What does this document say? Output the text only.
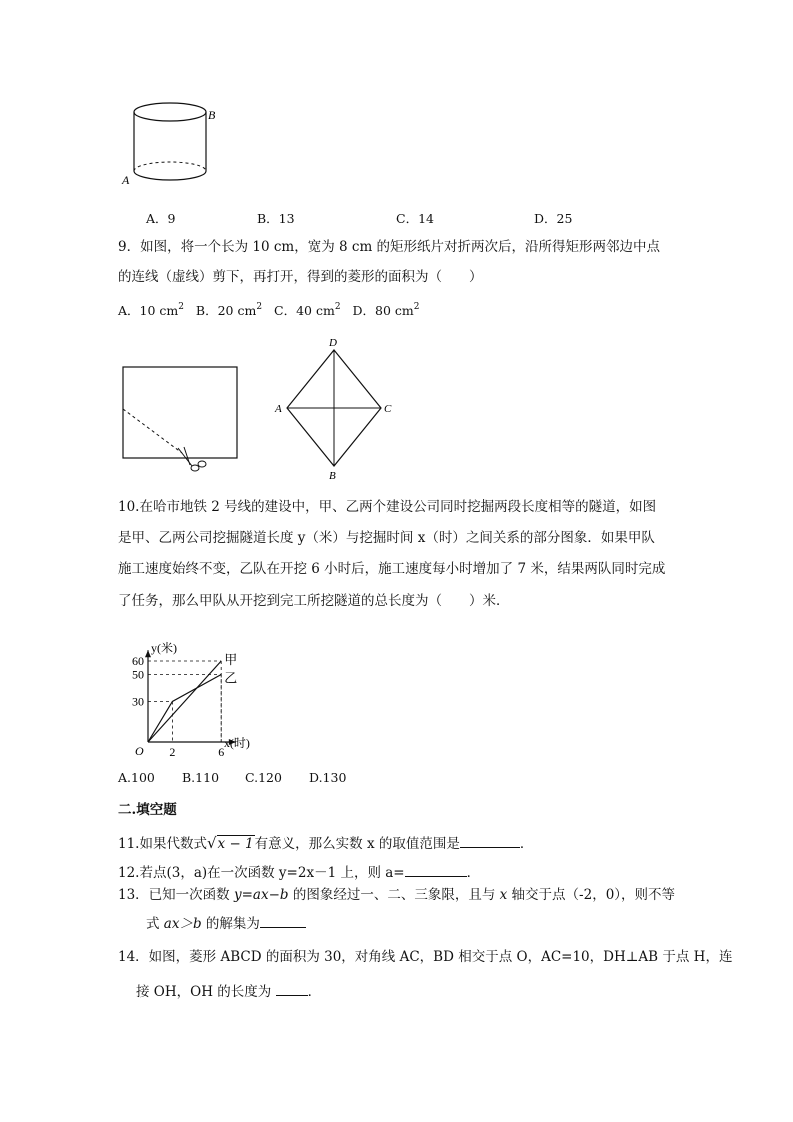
B
A
A．9	B．13	C．14	D．25
9．如图，将一个长为 10 cm，宽为 8 cm 的矩形纸片对折两次后，沿所得矩形两邻边中点
的连线（虚线）剪下，再打开，得到的菱形的面积为（　　）
A．10 $cm^2$ B．20 $cm^2$ C．40 $cm^2$ D．80 $cm^2$
D
A	C
B
10.在哈市地铁 2 号线的建设中，甲、乙两个建设公司同时挖掘两段长度相等的隧道，如图
是甲、乙两公司挖掘隧道长度 y（米）与挖掘时间 x（时）之间关系的部分图象．如果甲队
施工速度始终不变，乙队在开挖 6 小时后，施工速度每小时增加了 7 米，结果两队同时完成
了任务，那么甲队从开挖到完工所挖隧道的总长度为（　　）米．
y(米)
x(时)
O
30
50
60
2	6
甲
乙
A.100 B.110 C.120 D.130
二.填空题
11.如果代数式√x − 1有意义，那么实数 x 的取值范围是	．
12.若点(3，a)在一次函数 y=2x－1 上，则 a=	．
13．已知一次函数 y=ax−b 的图象经过一、二、三象限，且与 x 轴交于点（-2，0），则不等
式 ax＞b 的解集为
14．如图，菱形 ABCD 的面积为 30，对角线 AC，BD 相交于点 O，AC=10，DH⊥AB 于点 H，连
接 OH，OH 的长度为	．
